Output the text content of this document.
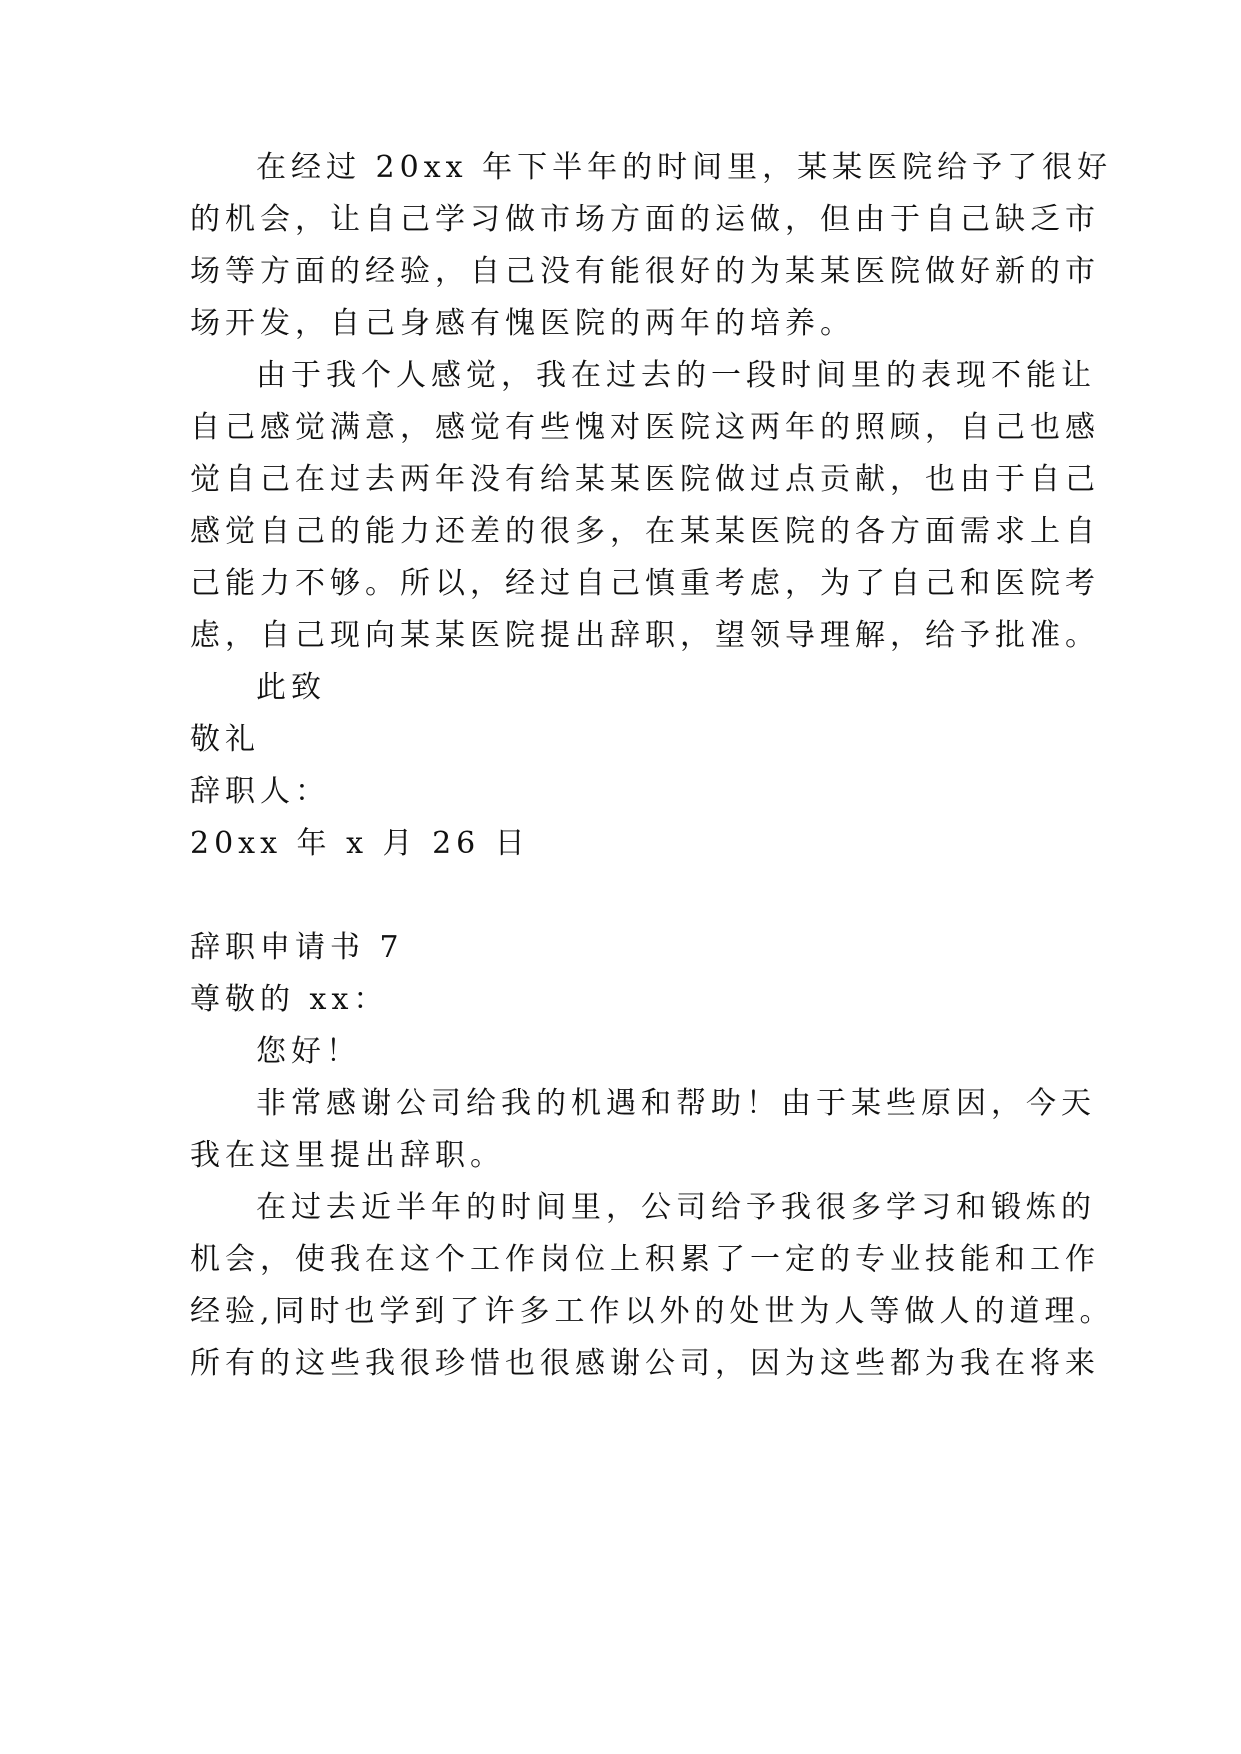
在经过 20xx 年下半年的时间里，某某医院给予了很好

的机会，让自己学习做市场方面的运做，但由于自己缺乏市

场等方面的经验，自己没有能很好的为某某医院做好新的市

场开发，自己身感有愧医院的两年的培养。

由于我个人感觉，我在过去的一段时间里的表现不能让

自己感觉满意，感觉有些愧对医院这两年的照顾，自己也感

觉自己在过去两年没有给某某医院做过点贡献，也由于自己

感觉自己的能力还差的很多，在某某医院的各方面需求上自

己能力不够。所以，经过自己慎重考虑，为了自己和医院考

虑，自己现向某某医院提出辞职，望领导理解，给予批准。

此致

敬礼

辞职人：

20xx 年 x 月 26 日

辞职申请书 7

尊敬的 xx：

您好！

非常感谢公司给我的机遇和帮助！由于某些原因，今天

我在这里提出辞职。

在过去近半年的时间里，公司给予我很多学习和锻炼的

机会，使我在这个工作岗位上积累了一定的专业技能和工作

经验,同时也学到了许多工作以外的处世为人等做人的道理。

所有的这些我很珍惜也很感谢公司，因为这些都为我在将来
